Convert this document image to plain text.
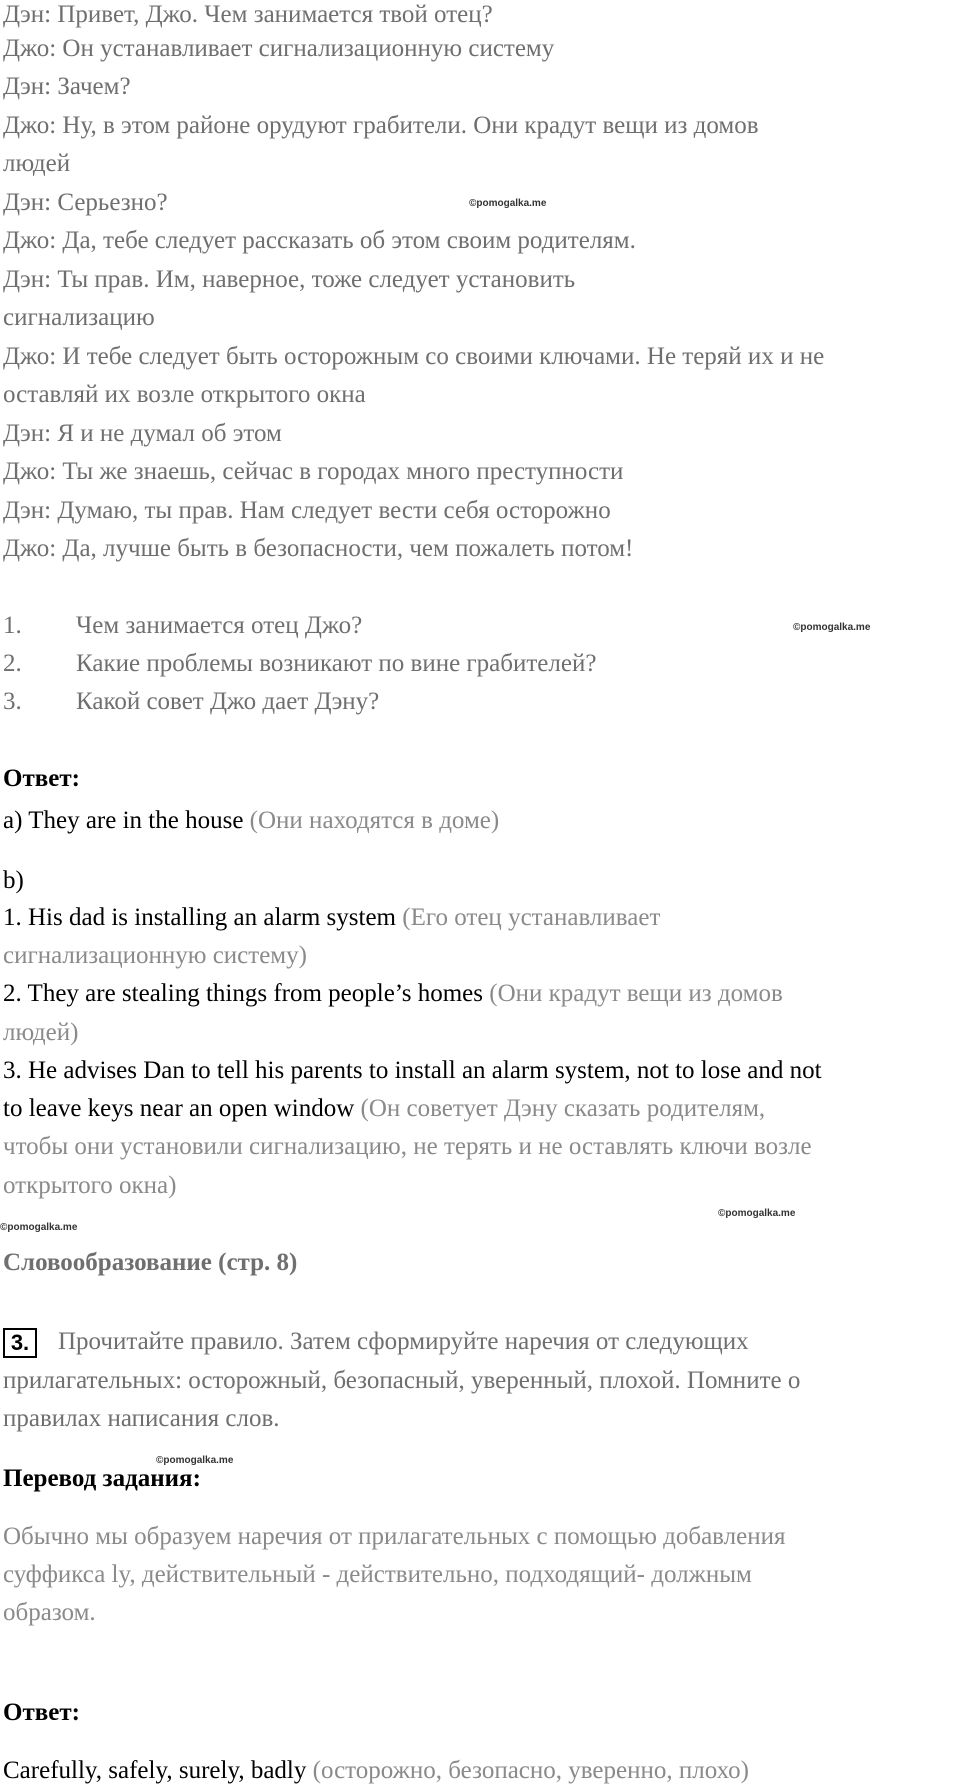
Дэн: Привет, Джо. Чем занимается твой отец?
Джо: Он устанавливает сигнализационную систему
Дэн: Зачем?
Джо: Ну, в этом районе орудуют грабители. Они крадут вещи из домов
людей
Дэн: Серьезно?
Джо: Да, тебе следует рассказать об этом своим родителям.
Дэн: Ты прав. Им, наверное, тоже следует установить
сигнализацию
Джо: И тебе следует быть осторожным со своими ключами. Не теряй их и не
оставляй их возле открытого окна
Дэн: Я и не думал об этом
Джо: Ты же знаешь, сейчас в городах много преступности
Дэн: Думаю, ты прав. Нам следует вести себя осторожно
Джо: Да, лучше быть в безопасности, чем пожалеть потом!
1. Чем занимается отец Джо?
2. Какие проблемы возникают по вине грабителей?
3. Какой совет Джо дает Дэну?
Ответ:
a) They are in the house (Они находятся в доме)
b)
1. His dad is installing an alarm system (Его отец устанавливает
сигнализационную систему)
2. They are stealing things from people’s homes (Они крадут вещи из домов
людей)
3. He advises Dan to tell his parents to install an alarm system, not to lose and not
to leave keys near an open window (Он советует Дэну сказать родителям,
чтобы они установили сигнализацию, не терять и не оставлять ключи возле
открытого окна)
Словообразование (стр. 8)
3.	Прочитайте правило. Затем сформируйте наречия от следующих
прилагательных: осторожный, безопасный, уверенный, плохой. Помните о
правилах написания слов.
Перевод задания:
Обычно мы образуем наречия от прилагательных с помощью добавления
суффикса ly, действительный - действительно, подходящий- должным
образом.
Ответ:
Carefully, safely, surely, badly (осторожно, безопасно, уверенно, плохо)
©pomogalka.me
©pomogalka.me
©pomogalka.me
©pomogalka.me
©pomogalka.me
